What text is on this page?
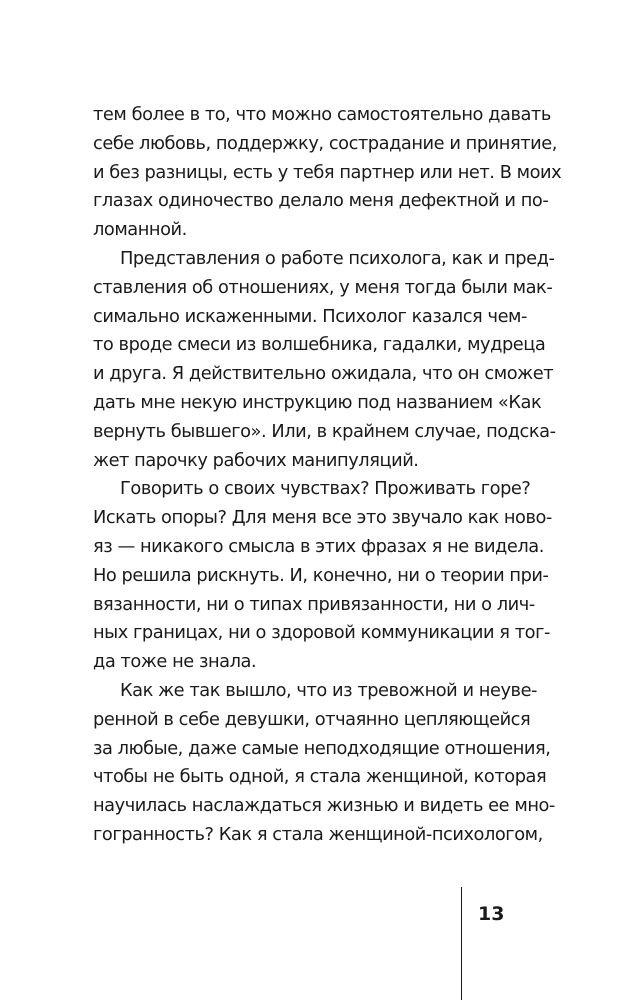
тем более в то, что можно самостоятельно давать
себе любовь, поддержку, сострадание и принятие,
и без разницы, есть у тебя партнер или нет. В моих
глазах одиночество делало меня дефектной и по-
ломанной.
Представления о работе психолога, как и пред-
ставления об отношениях, у меня тогда были мак-
симально искаженными. Психолог казался чем-
то вроде смеси из волшебника, гадалки, мудреца
и друга. Я действительно ожидала, что он сможет
дать мне некую инструкцию под названием «Как
вернуть бывшего». Или, в крайнем случае, подска-
жет парочку рабочих манипуляций.
Говорить о своих чувствах? Проживать горе?
Искать опоры? Для меня все это звучало как ново-
яз — никакого смысла в этих фразах я не видела.
Но решила рискнуть. И, конечно, ни о теории при-
вязанности, ни о типах привязанности, ни о лич-
ных границах, ни о здоровой коммуникации я тог-
да тоже не знала.
Как же так вышло, что из тревожной и неуве-
ренной в себе девушки, отчаянно цепляющейся
за любые, даже самые неподходящие отношения,
чтобы не быть одной, я стала женщиной, которая
научилась наслаждаться жизнью и видеть ее мно-
гогранность? Как я стала женщиной-психологом,
13
